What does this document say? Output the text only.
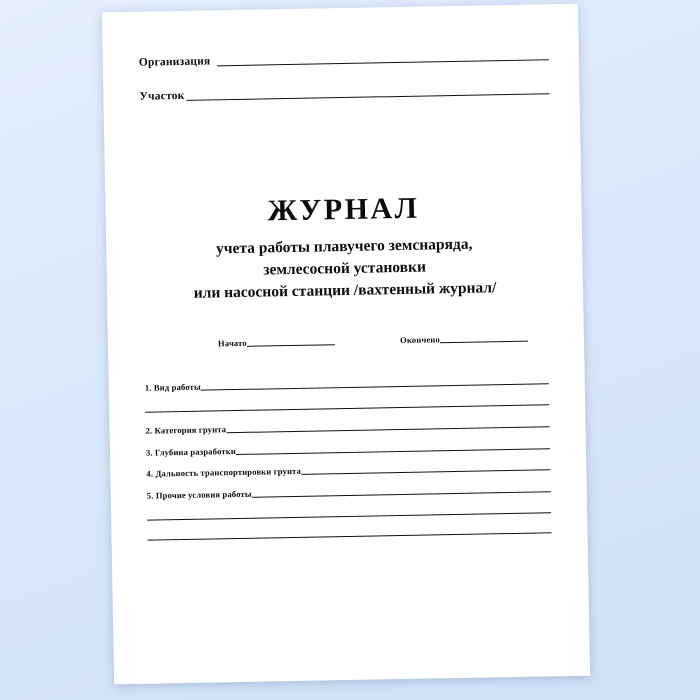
Организация
Участок
ЖУРНАЛ
учета работы плавучего земснаряда,
землесосной установки
или насосной станции /вахтенный журнал/
Начато	Окончено
1. Вид работы
2. Категория грунта
3. Глубина разработки
4. Дальность транспортировки грунта
5. Прочие условия работы
